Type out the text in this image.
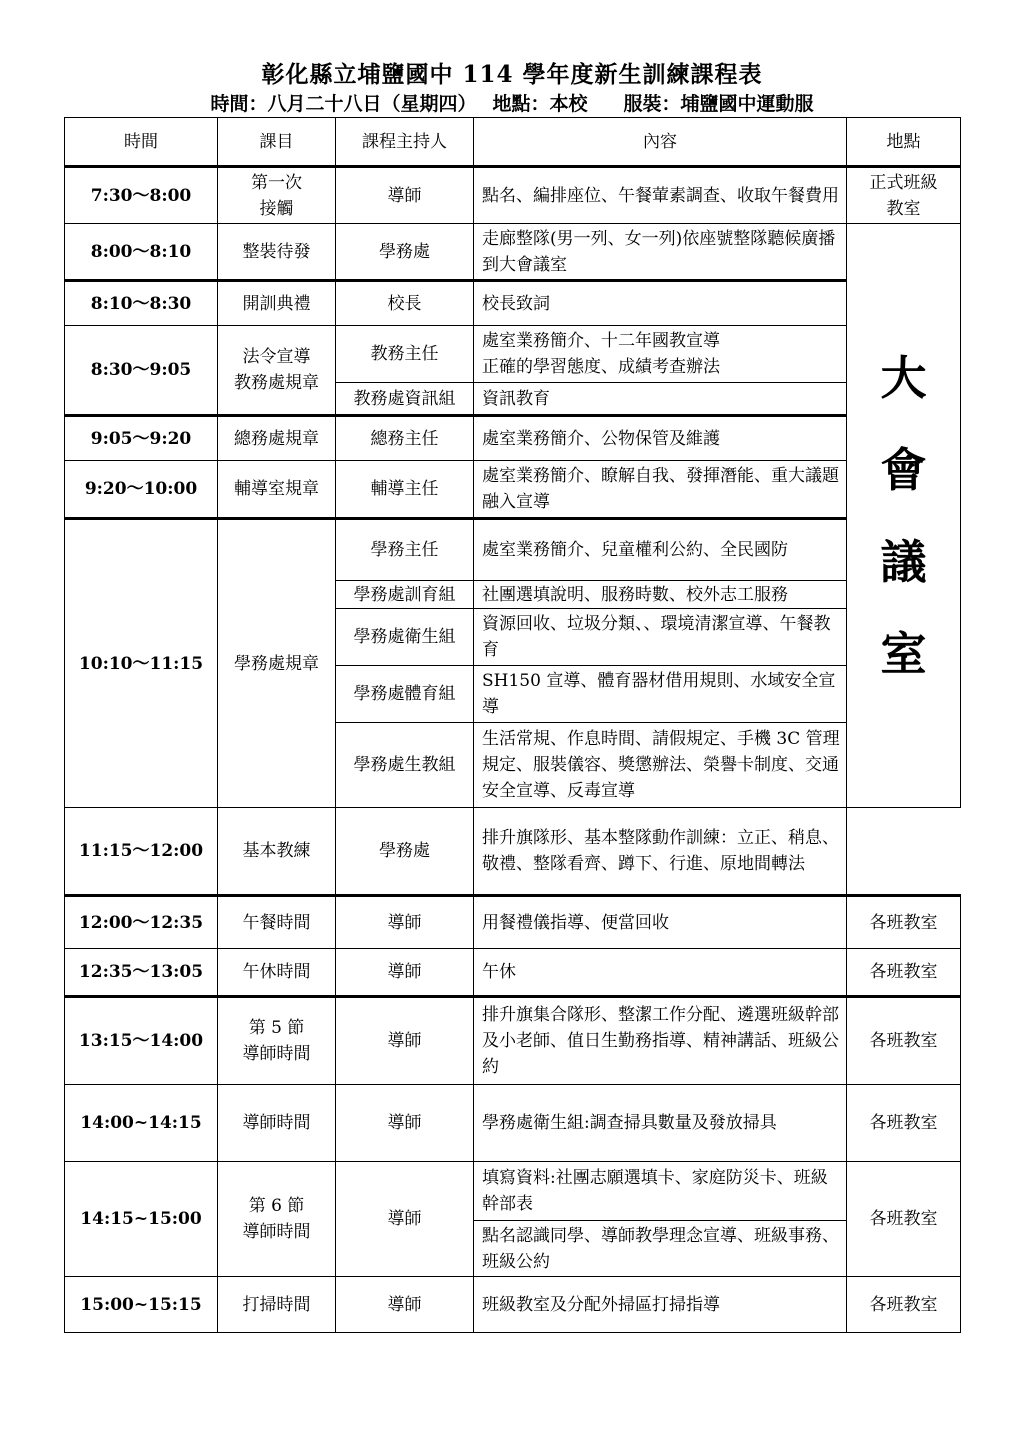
彰化縣立埔鹽國中 114 學年度新生訓練課程表
時間：八月二十八日（星期四） 地點：本校 服裝：埔鹽國中運動服
時間	課目	課程主持人	內容	地點
7:30～8:00	第一次
接觸	導師	點名、編排座位、午餐葷素調查、收取午餐費用	正式班級
教室
8:00～8:10	整裝待發	學務處	走廊整隊(男一列、女一列)依座號整隊聽候廣播到大會議室	大
會
議
室

8:10～8:30	開訓典禮	校長	校長致詞	
8:30～9:05	法令宣導
教務處規章	教務主任	處室業務簡介、十二年國教宣導
正確的學習態度、成績考查辦法	
		教務處資訊組	資訊教育	
9:05～9:20	總務處規章	總務主任	處室業務簡介、公物保管及維護	
9:20～10:00	輔導室規章	輔導主任	處室業務簡介、瞭解自我、發揮潛能、重大議題融入宣導	
10:10～11:15	學務處規章	學務主任	處室業務簡介、兒童權利公約、全民國防	
		學務處訓育組	社團選填說明、服務時數、校外志工服務	
		學務處衛生組	資源回收、垃圾分類、、環境清潔宣導、午餐教育	
		學務處體育組	SH150 宣導、體育器材借用規則、水域安全宣導	
		學務處生教組	生活常規、作息時間、請假規定、手機 3C 管理規定、服裝儀容、獎懲辦法、榮譽卡制度、交通安全宣導、反毒宣導	
11:15～12:00	基本教練	學務處	排升旗隊形、基本整隊動作訓練：立正、稍息、敬禮、整隊看齊、蹲下、行進、原地間轉法	
12:00～12:35	午餐時間	導師	用餐禮儀指導、便當回收	各班教室
12:35～13:05	午休時間	導師	午休	各班教室
13:15～14:00	第 5 節
導師時間	導師	排升旗集合隊形、整潔工作分配、遴選班級幹部及小老師、值日生勤務指導、精神講話、班級公約	各班教室
14:00~14:15	導師時間	導師	學務處衛生組:調查掃具數量及發放掃具	各班教室
14:15~15:00	第 6 節
導師時間	導師	填寫資料:社團志願選填卡、家庭防災卡、班級幹部表	各班教室
			點名認識同學、導師教學理念宣導、班級事務、班級公約	
15:00~15:15	打掃時間	導師	班級教室及分配外掃區打掃指導	各班教室
